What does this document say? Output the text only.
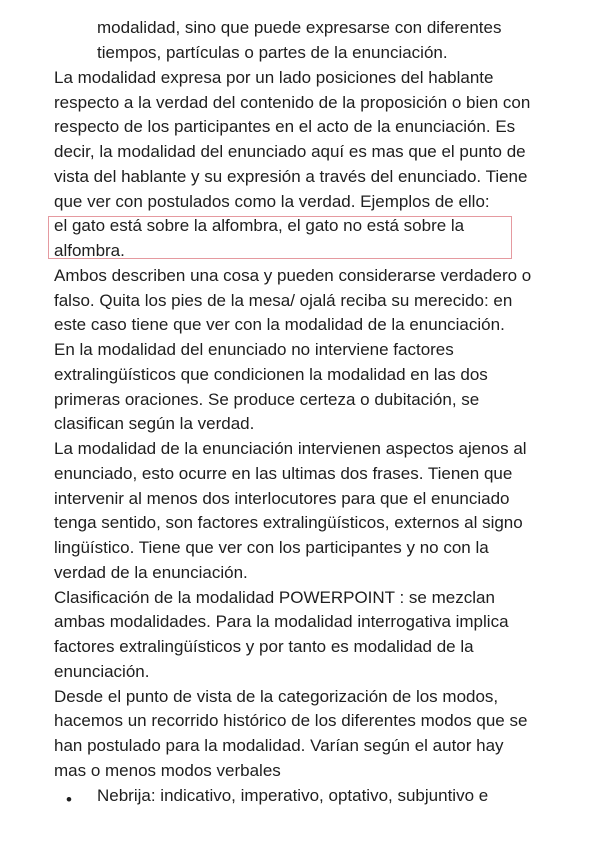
modalidad, sino que puede expresarse con diferentes
tiempos, partículas o partes de la enunciación.
La modalidad expresa por un lado posiciones del hablante
respecto a la verdad del contenido de la proposición o bien con
respecto de los participantes en el acto de la enunciación. Es
decir, la modalidad del enunciado aquí es mas que el punto de
vista del hablante y su expresión a través del enunciado. Tiene
que ver con postulados como la verdad. Ejemplos de ello:
el gato está sobre la alfombra, el gato no está sobre la
alfombra.
Ambos describen una cosa y pueden considerarse verdadero o
falso. Quita los pies de la mesa/ ojalá reciba su merecido: en
este caso tiene que ver con la modalidad de la enunciación.
En la modalidad del enunciado no interviene factores
extralingüísticos que condicionen la modalidad en las dos
primeras oraciones. Se produce certeza o dubitación, se
clasifican según la verdad.
La modalidad de la enunciación intervienen aspectos ajenos al
enunciado, esto ocurre en las ultimas dos frases. Tienen que
intervenir al menos dos interlocutores para que el enunciado
tenga sentido, son factores extralingüísticos, externos al signo
lingüístico. Tiene que ver con los participantes y no con la
verdad de la enunciación.
Clasificación de la modalidad POWERPOINT : se mezclan
ambas modalidades. Para la modalidad interrogativa implica
factores extralingüísticos y por tanto es modalidad de la
enunciación.
Desde el punto de vista de la categorización de los modos,
hacemos un recorrido histórico de los diferentes modos que se
han postulado para la modalidad. Varían según el autor hay
mas o menos modos verbales
• Nebrija: indicativo, imperativo, optativo, subjuntivo e
